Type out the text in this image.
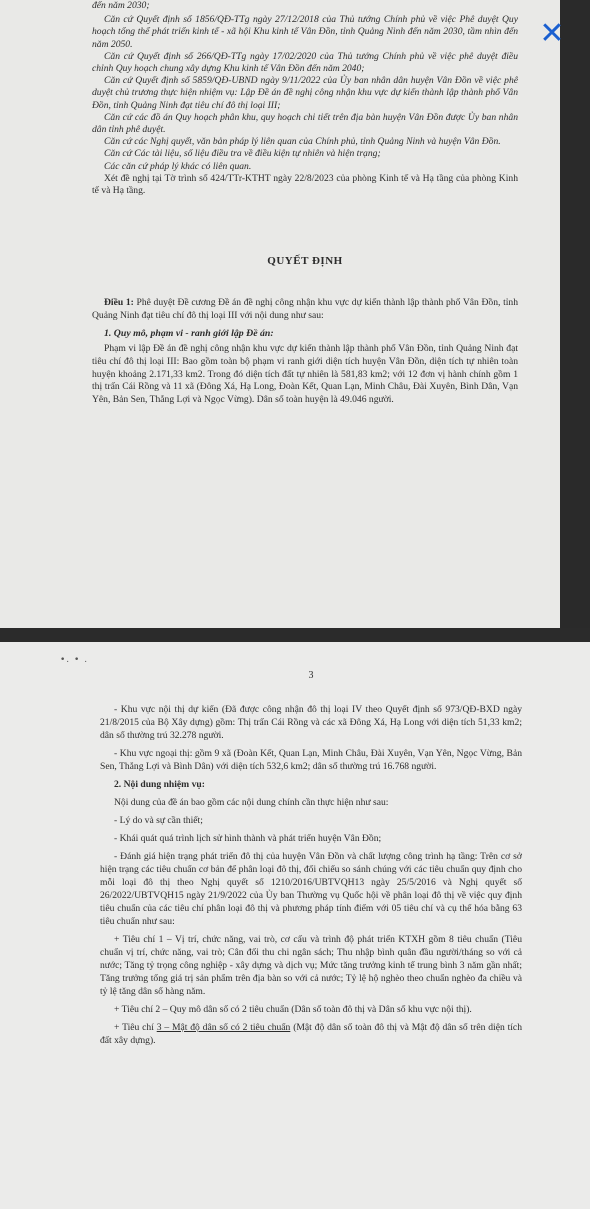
đến năm 2030;

Căn cứ Quyết định số 1856/QĐ-TTg ngày 27/12/2018 của Thủ tướng Chính phủ về việc Phê duyệt Quy hoạch tổng thể phát triển kinh tế - xã hội Khu kinh tế Vân Đồn, tỉnh Quảng Ninh đến năm 2030, tầm nhìn đến năm 2050.

Căn cứ Quyết định số 266/QĐ-TTg ngày 17/02/2020 của Thủ tướng Chính phủ về việc phê duyệt điều chỉnh Quy hoạch chung xây dựng Khu kinh tế Vân Đồn đến năm 2040;

Căn cứ Quyết định số 5859/QĐ-UBND ngày 9/11/2022 của Ủy ban nhân dân huyện Vân Đồn về việc phê duyệt chủ trương thực hiện nhiệm vụ: Lập Đề án đề nghị công nhận khu vực dự kiến thành lập thành phố Vân Đồn, tỉnh Quảng Ninh đạt tiêu chí đô thị loại III;

Căn cứ các đồ án Quy hoạch phân khu, quy hoạch chi tiết trên địa bàn huyện Vân Đồn được Ủy ban nhân dân tỉnh phê duyệt.

Căn cứ các Nghị quyết, văn bản pháp lý liên quan của Chính phủ, tỉnh Quảng Ninh và huyện Vân Đồn.

Căn cứ Các tài liệu, số liệu điều tra về điều kiện tự nhiên và hiện trạng;

Các căn cứ pháp lý khác có liên quan.

Xét đề nghị tại Tờ trình số 424/TTr-KTHT ngày 22/8/2023 của phòng Kinh tế và Hạ tầng của phòng Kinh tế và Hạ tầng.

QUYẾT ĐỊNH

Điều 1: Phê duyệt Đề cương Đề án đề nghị công nhận khu vực dự kiến thành lập thành phố Vân Đồn, tỉnh Quảng Ninh đạt tiêu chí đô thị loại III với nội dung như sau:

1. Quy mô, phạm vi - ranh giới lập Đề án:

Phạm vi lập Đề án đề nghị công nhận khu vực dự kiến thành lập thành phố Vân Đồn, tỉnh Quảng Ninh đạt tiêu chí đô thị loại III: Bao gồm toàn bộ phạm vi ranh giới diện tích huyện Vân Đồn, diện tích tự nhiên toàn huyện khoảng 2.171,33 km2. Trong đó diện tích đất tự nhiên là 581,83 km2; với 12 đơn vị hành chính gồm 1 thị trấn Cái Rồng và 11 xã (Đông Xá, Hạ Long, Đoàn Kết, Quan Lạn, Minh Châu, Đài Xuyên, Bình Dân, Vạn Yên, Bản Sen, Thắng Lợi và Ngọc Vừng). Dân số toàn huyện là 49.046 người.

3

- Khu vực nội thị dự kiến (Đã được công nhận đô thị loại IV theo Quyết định số 973/QĐ-BXD ngày 21/8/2015 của Bộ Xây dựng) gồm: Thị trấn Cái Rồng và các xã Đông Xá, Hạ Long với diện tích 51,33 km2; dân số thường trú 32.278 người.

- Khu vực ngoại thị: gồm 9 xã (Đoàn Kết, Quan Lạn, Minh Châu, Đài Xuyên, Vạn Yên, Ngọc Vừng, Bản Sen, Thắng Lợi và Bình Dân) với diện tích 532,6 km2; dân số thường trú 16.768 người.

2. Nội dung nhiệm vụ:

Nội dung của đề án bao gồm các nội dung chính cần thực hiện như sau:

- Lý do và sự cần thiết;

- Khái quát quá trình lịch sử hình thành và phát triển huyện Vân Đồn;

- Đánh giá hiện trạng phát triển đô thị của huyện Vân Đồn và chất lượng công trình hạ tầng: Trên cơ sở hiện trạng các tiêu chuẩn cơ bản để phân loại đô thị, đối chiếu so sánh chúng với các tiêu chuẩn quy định cho mỗi loại đô thị theo Nghị quyết số 1210/2016/UBTVQH13 ngày 25/5/2016 và Nghị quyết số 26/2022/UBTVQH15 ngày 21/9/2022 của Ủy ban Thường vụ Quốc hội về phân loại đô thị về việc quy định tiêu chuẩn của các tiêu chí phân loại đô thị và phương pháp tính điểm với 05 tiêu chí và cụ thể hóa bằng 63 tiêu chuẩn như sau:

+ Tiêu chí 1 – Vị trí, chức năng, vai trò, cơ cấu và trình độ phát triển KTXH gồm 8 tiêu chuẩn (Tiêu chuẩn vị trí, chức năng, vai trò; Cân đối thu chi ngân sách; Thu nhập bình quân đầu người/tháng so với cả nước; Tăng tỷ trọng công nghiệp - xây dựng và dịch vụ; Mức tăng trưởng kinh tế trung bình 3 năm gần nhất; Tăng trưởng tổng giá trị sản phẩm trên địa bàn so với cả nước; Tỷ lệ hộ nghèo theo chuẩn nghèo đa chiều và tỷ lệ tăng dân số hàng năm.

+ Tiêu chí 2 – Quy mô dân số có 2 tiêu chuẩn (Dân số toàn đô thị và Dân số khu vực nội thị).

+ Tiêu chí 3 – Mật độ dân số có 2 tiêu chuẩn (Mật độ dân số toàn đô thị và Mật độ dân số trên diện tích đất xây dựng).

•. • .
✕
